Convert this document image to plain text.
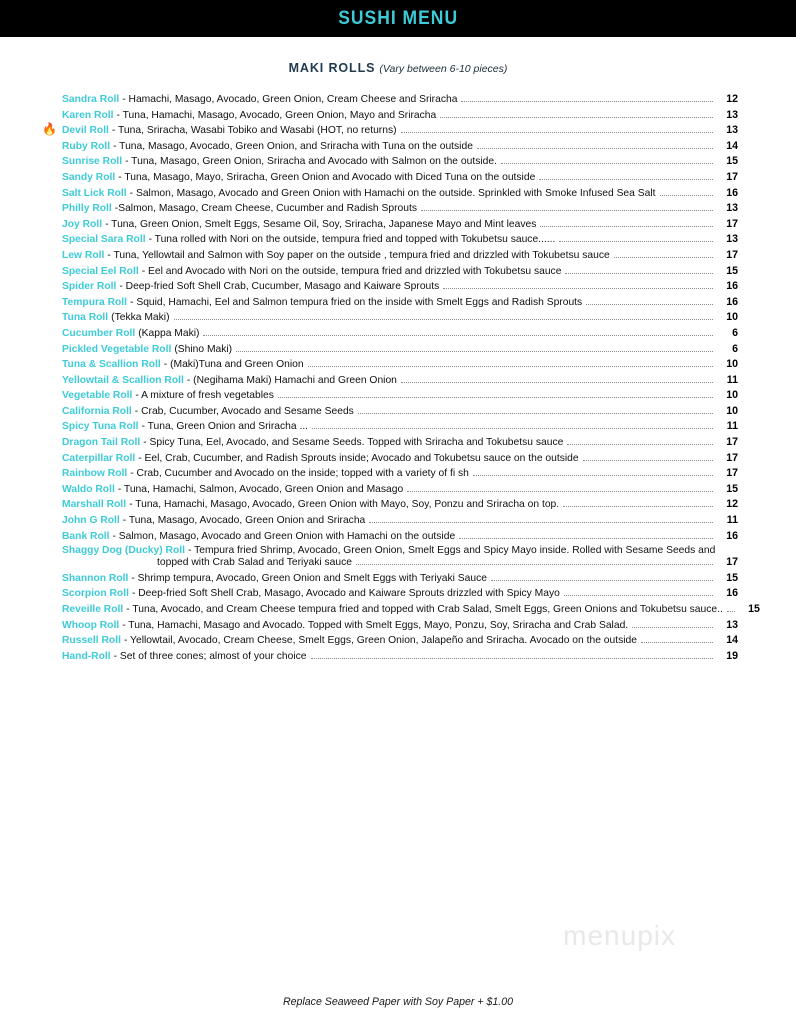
SUSHI MENU
MAKI ROLLS (Vary between 6-10 pieces)
Sandra Roll - Hamachi, Masago, Avocado, Green Onion, Cream Cheese and Sriracha	12
Karen Roll - Tuna, Hamachi, Masago, Avocado, Green Onion, Mayo and Sriracha	13
🔥 Devil Roll - Tuna, Sriracha, Wasabi Tobiko and Wasabi (HOT, no returns)	13
Ruby Roll - Tuna, Masago, Avocado, Green Onion, and Sriracha with Tuna on the outside	14
Sunrise Roll - Tuna, Masago, Green Onion, Sriracha and Avocado with Salmon on the outside.	15
Sandy Roll - Tuna, Masago, Mayo, Sriracha, Green Onion and Avocado with Diced Tuna on the outside	17
Salt Lick Roll - Salmon, Masago, Avocado and Green Onion with Hamachi on the outside. Sprinkled with Smoke Infused Sea Salt	16
Philly Roll -Salmon, Masago, Cream Cheese, Cucumber and Radish Sprouts	13
Joy Roll - Tuna, Green Onion, Smelt Eggs, Sesame Oil, Soy, Sriracha, Japanese Mayo and Mint leaves	17
Special Sara Roll - Tuna rolled with Nori on the outside, tempura fried and topped with Tokubetsu sauce......	13
Lew Roll - Tuna, Yellowtail and Salmon with Soy paper on the outside , tempura fried and drizzled with Tokubetsu sauce	17
Special Eel Roll - Eel and Avocado with Nori on the outside, tempura fried and drizzled with Tokubetsu sauce	15
Spider Roll - Deep-fried Soft Shell Crab, Cucumber, Masago and Kaiware Sprouts	16
Tempura Roll - Squid, Hamachi, Eel and Salmon tempura fried on the inside with Smelt Eggs and Radish Sprouts	16
Tuna Roll (Tekka Maki)	10
Cucumber Roll (Kappa Maki)	6
Pickled Vegetable Roll (Shino Maki)	6
Tuna & Scallion Roll - (Maki)Tuna and Green Onion	10
Yellowtail & Scallion Roll - (Negihama Maki) Hamachi and Green Onion	11
Vegetable Roll - A mixture of fresh vegetables	10
California Roll - Crab, Cucumber, Avocado and Sesame Seeds	10
Spicy Tuna Roll - Tuna, Green Onion and Sriracha ...	11
Dragon Tail Roll - Spicy Tuna, Eel, Avocado, and Sesame Seeds. Topped with Sriracha and Tokubetsu sauce	17
Caterpillar Roll - Eel, Crab, Cucumber, and Radish Sprouts inside; Avocado and Tokubetsu sauce on the outside	17
Rainbow Roll - Crab, Cucumber and Avocado on the inside; topped with a variety of fi sh	17
Waldo Roll - Tuna, Hamachi, Salmon, Avocado, Green Onion and Masago	15
Marshall Roll - Tuna, Hamachi, Masago, Avocado, Green Onion with Mayo, Soy, Ponzu and Sriracha on top.	12
John G Roll - Tuna, Masago, Avocado, Green Onion and Sriracha	11
Bank Roll - Salmon, Masago, Avocado and Green Onion with Hamachi on the outside	16
Shaggy Dog (Ducky) Roll - Tempura fried Shrimp, Avocado, Green Onion, Smelt Eggs and Spicy Mayo inside. Rolled with Sesame Seeds and
topped with Crab Salad and Teriyaki sauce	17
Shannon Roll - Shrimp tempura, Avocado, Green Onion and Smelt Eggs with Teriyaki Sauce	15
Scorpion Roll - Deep-fried Soft Shell Crab, Masago, Avocado and Kaiware Sprouts drizzled with Spicy Mayo	16
Reveille Roll - Tuna, Avocado, and Cream Cheese tempura fried and topped with Crab Salad, Smelt Eggs, Green Onions and Tokubetsu sauce..	15
Whoop Roll - Tuna, Hamachi, Masago and Avocado. Topped with Smelt Eggs, Mayo, Ponzu, Soy, Sriracha and Crab Salad.	13
Russell Roll - Yellowtail, Avocado, Cream Cheese, Smelt Eggs, Green Onion, Jalapeño and Sriracha. Avocado on the outside	14
Hand-Roll - Set of three cones; almost of your choice	19
menupix
Replace Seaweed Paper with Soy Paper + $1.00
